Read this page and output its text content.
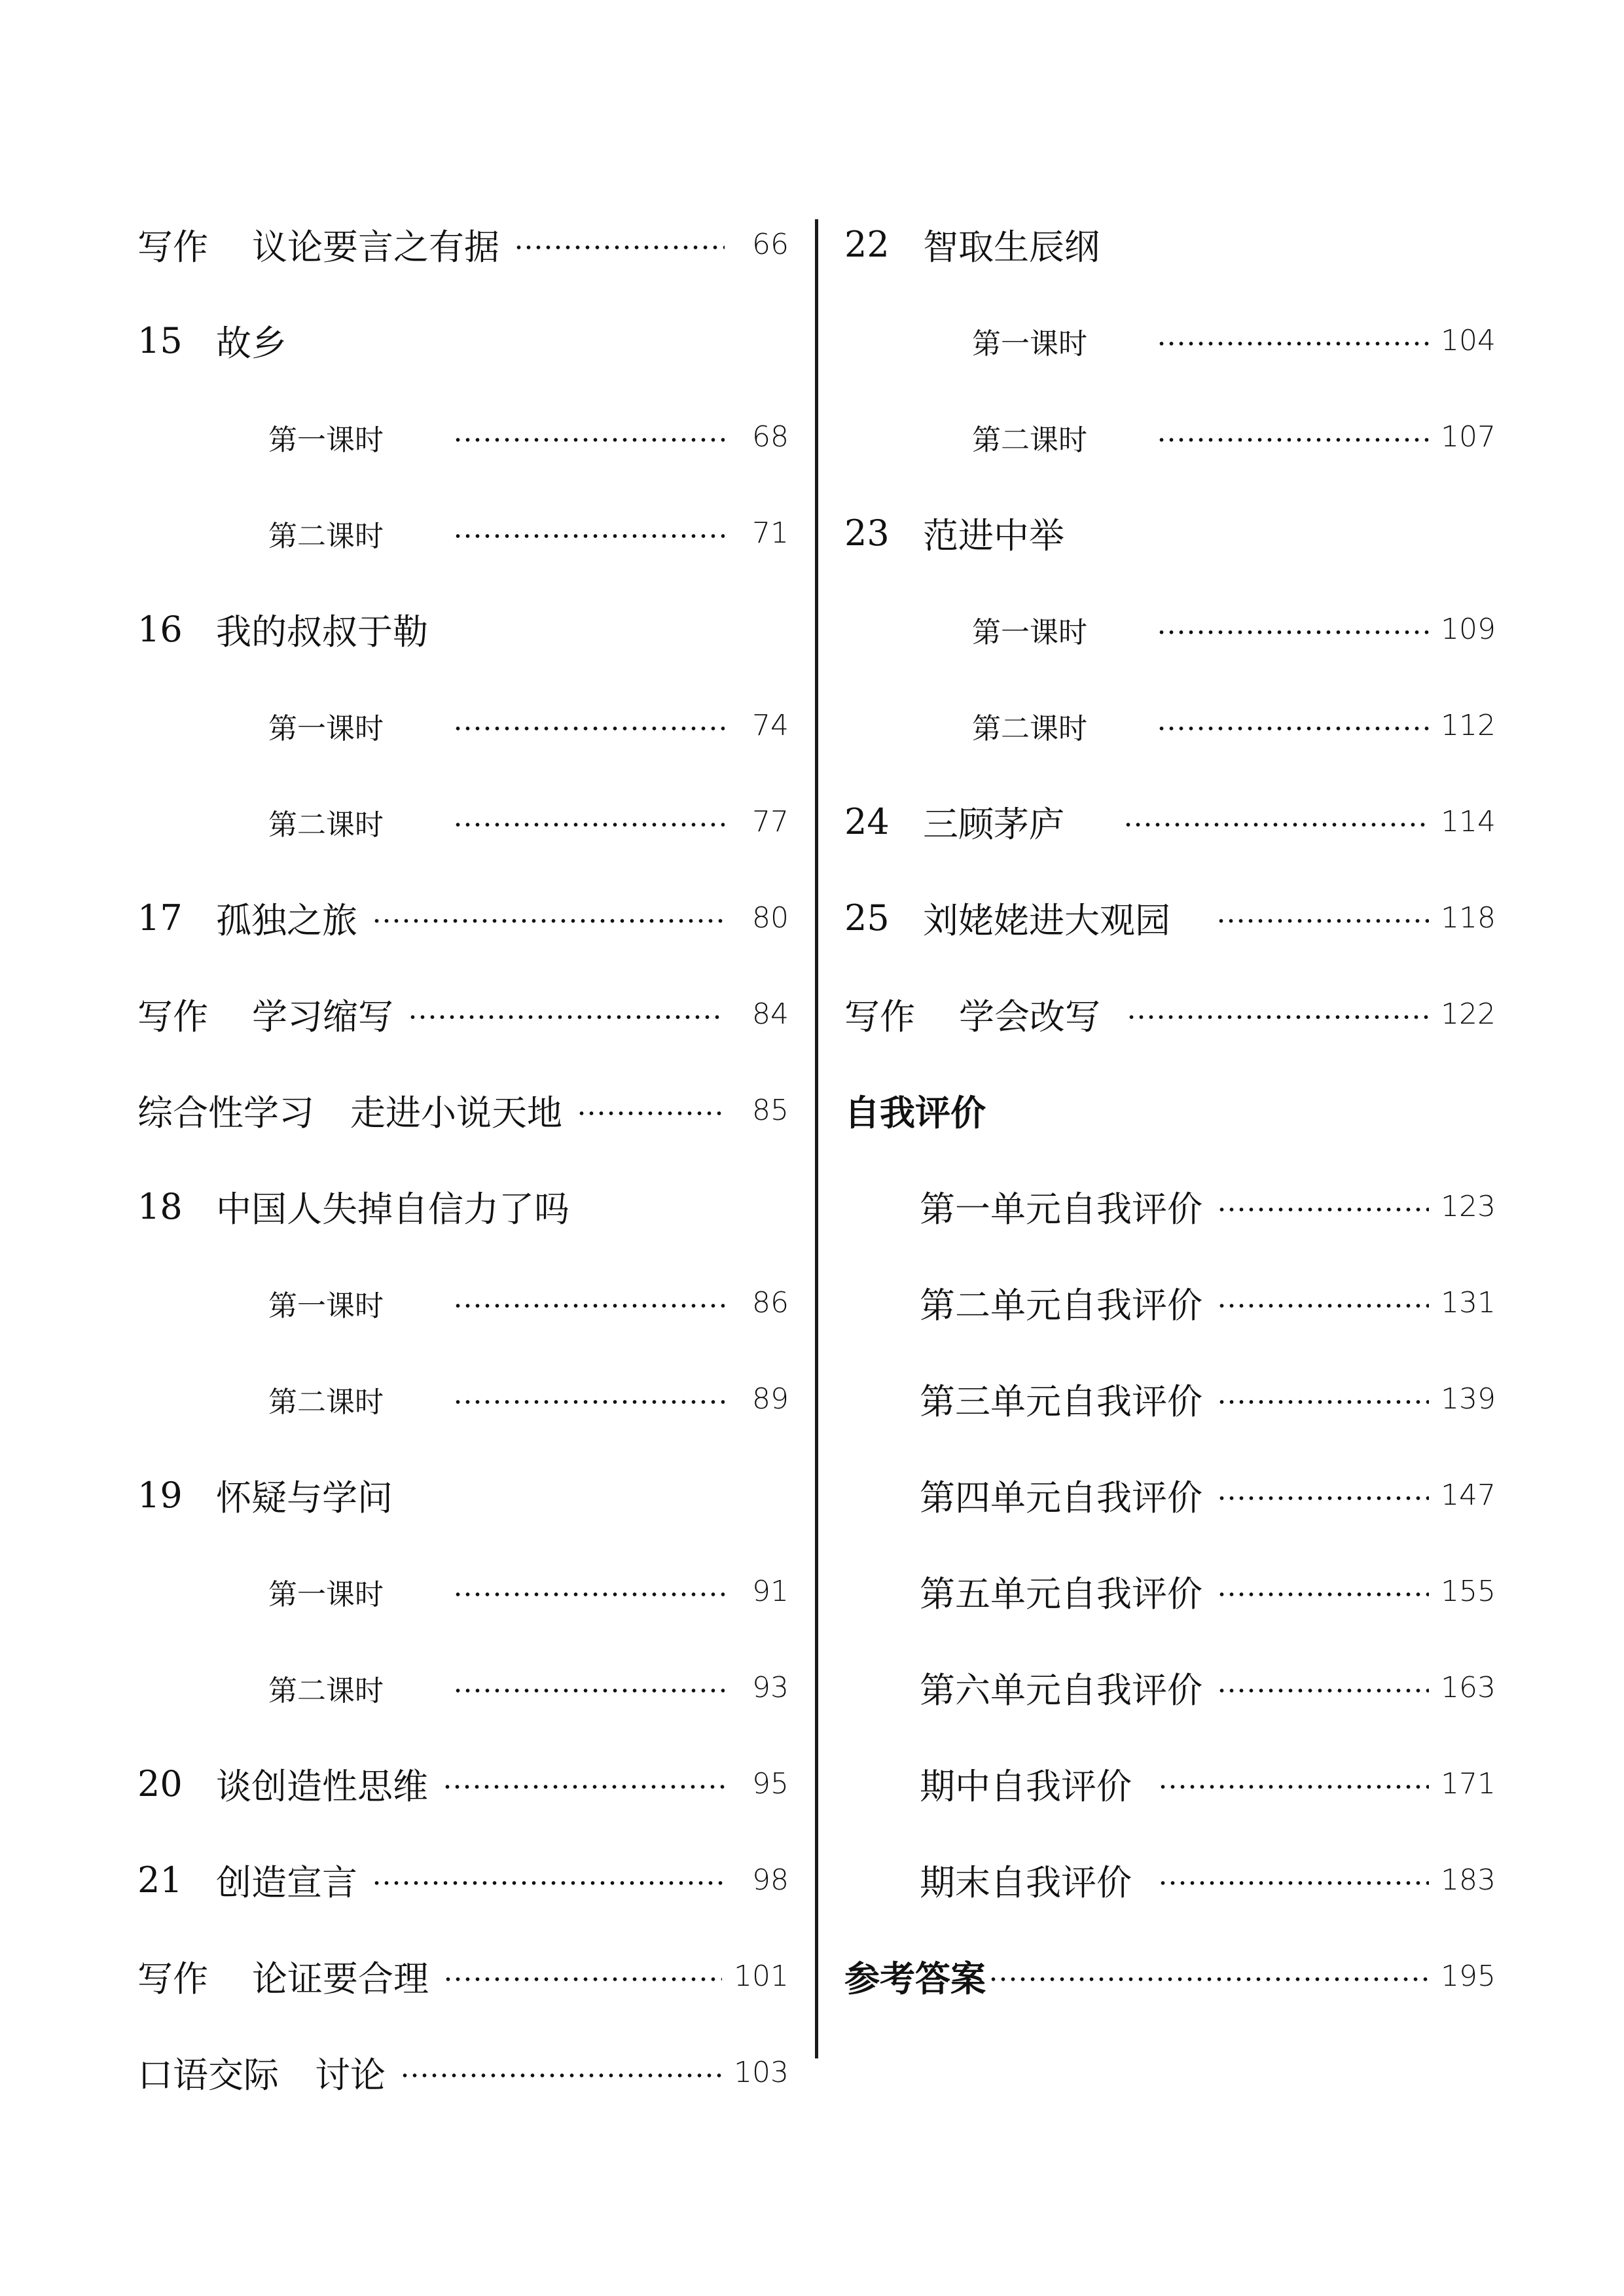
写作 议论要言之有据	66
15 故乡
第一课时	68
第二课时	71
16 我的叔叔于勒
第一课时	74
第二课时	77
17 孤独之旅	80
写作 学习缩写	84
综合性学习 走进小说天地	85
18 中国人失掉自信力了吗
第一课时	86
第二课时	89
19 怀疑与学问
第一课时	91
第二课时	93
20 谈创造性思维	95
21 创造宣言	98
写作 论证要合理	101
口语交际 讨论	103
22 智取生辰纲
第一课时	104
第二课时	107
23 范进中举
第一课时	109
第二课时	112
24 三顾茅庐	114
25 刘姥姥进大观园	118
写作 学会改写	122
自我评价
第一单元自我评价	123
第二单元自我评价	131
第三单元自我评价	139
第四单元自我评价	147
第五单元自我评价	155
第六单元自我评价	163
期中自我评价	171
期末自我评价	183
参考答案	195
